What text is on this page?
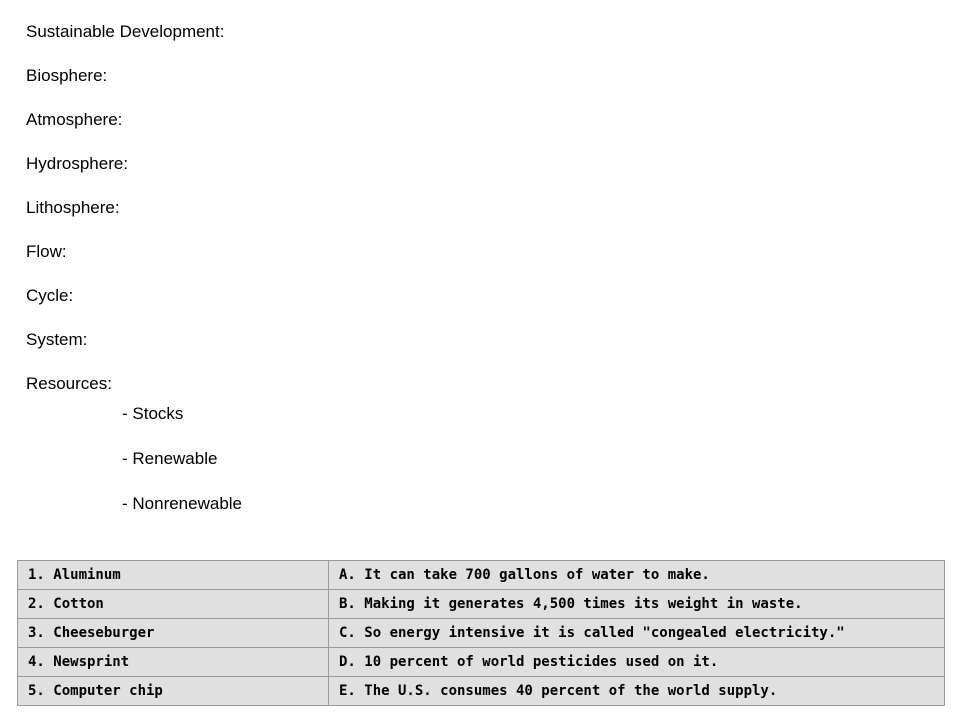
Sustainable Development:
Biosphere:
Atmosphere:
Hydrosphere:
Lithosphere:
Flow:
Cycle:
System:
Resources:
- Stocks
- Renewable
- Nonrenewable
1. Aluminum	A. It can take 700 gallons of water to make.
2. Cotton	B. Making it generates 4,500 times its weight in waste.
3. Cheeseburger	C. So energy intensive it is called "congealed electricity."
4. Newsprint	D. 10 percent of world pesticides used on it.
5. Computer chip	E. The U.S. consumes 40 percent of the world supply.
